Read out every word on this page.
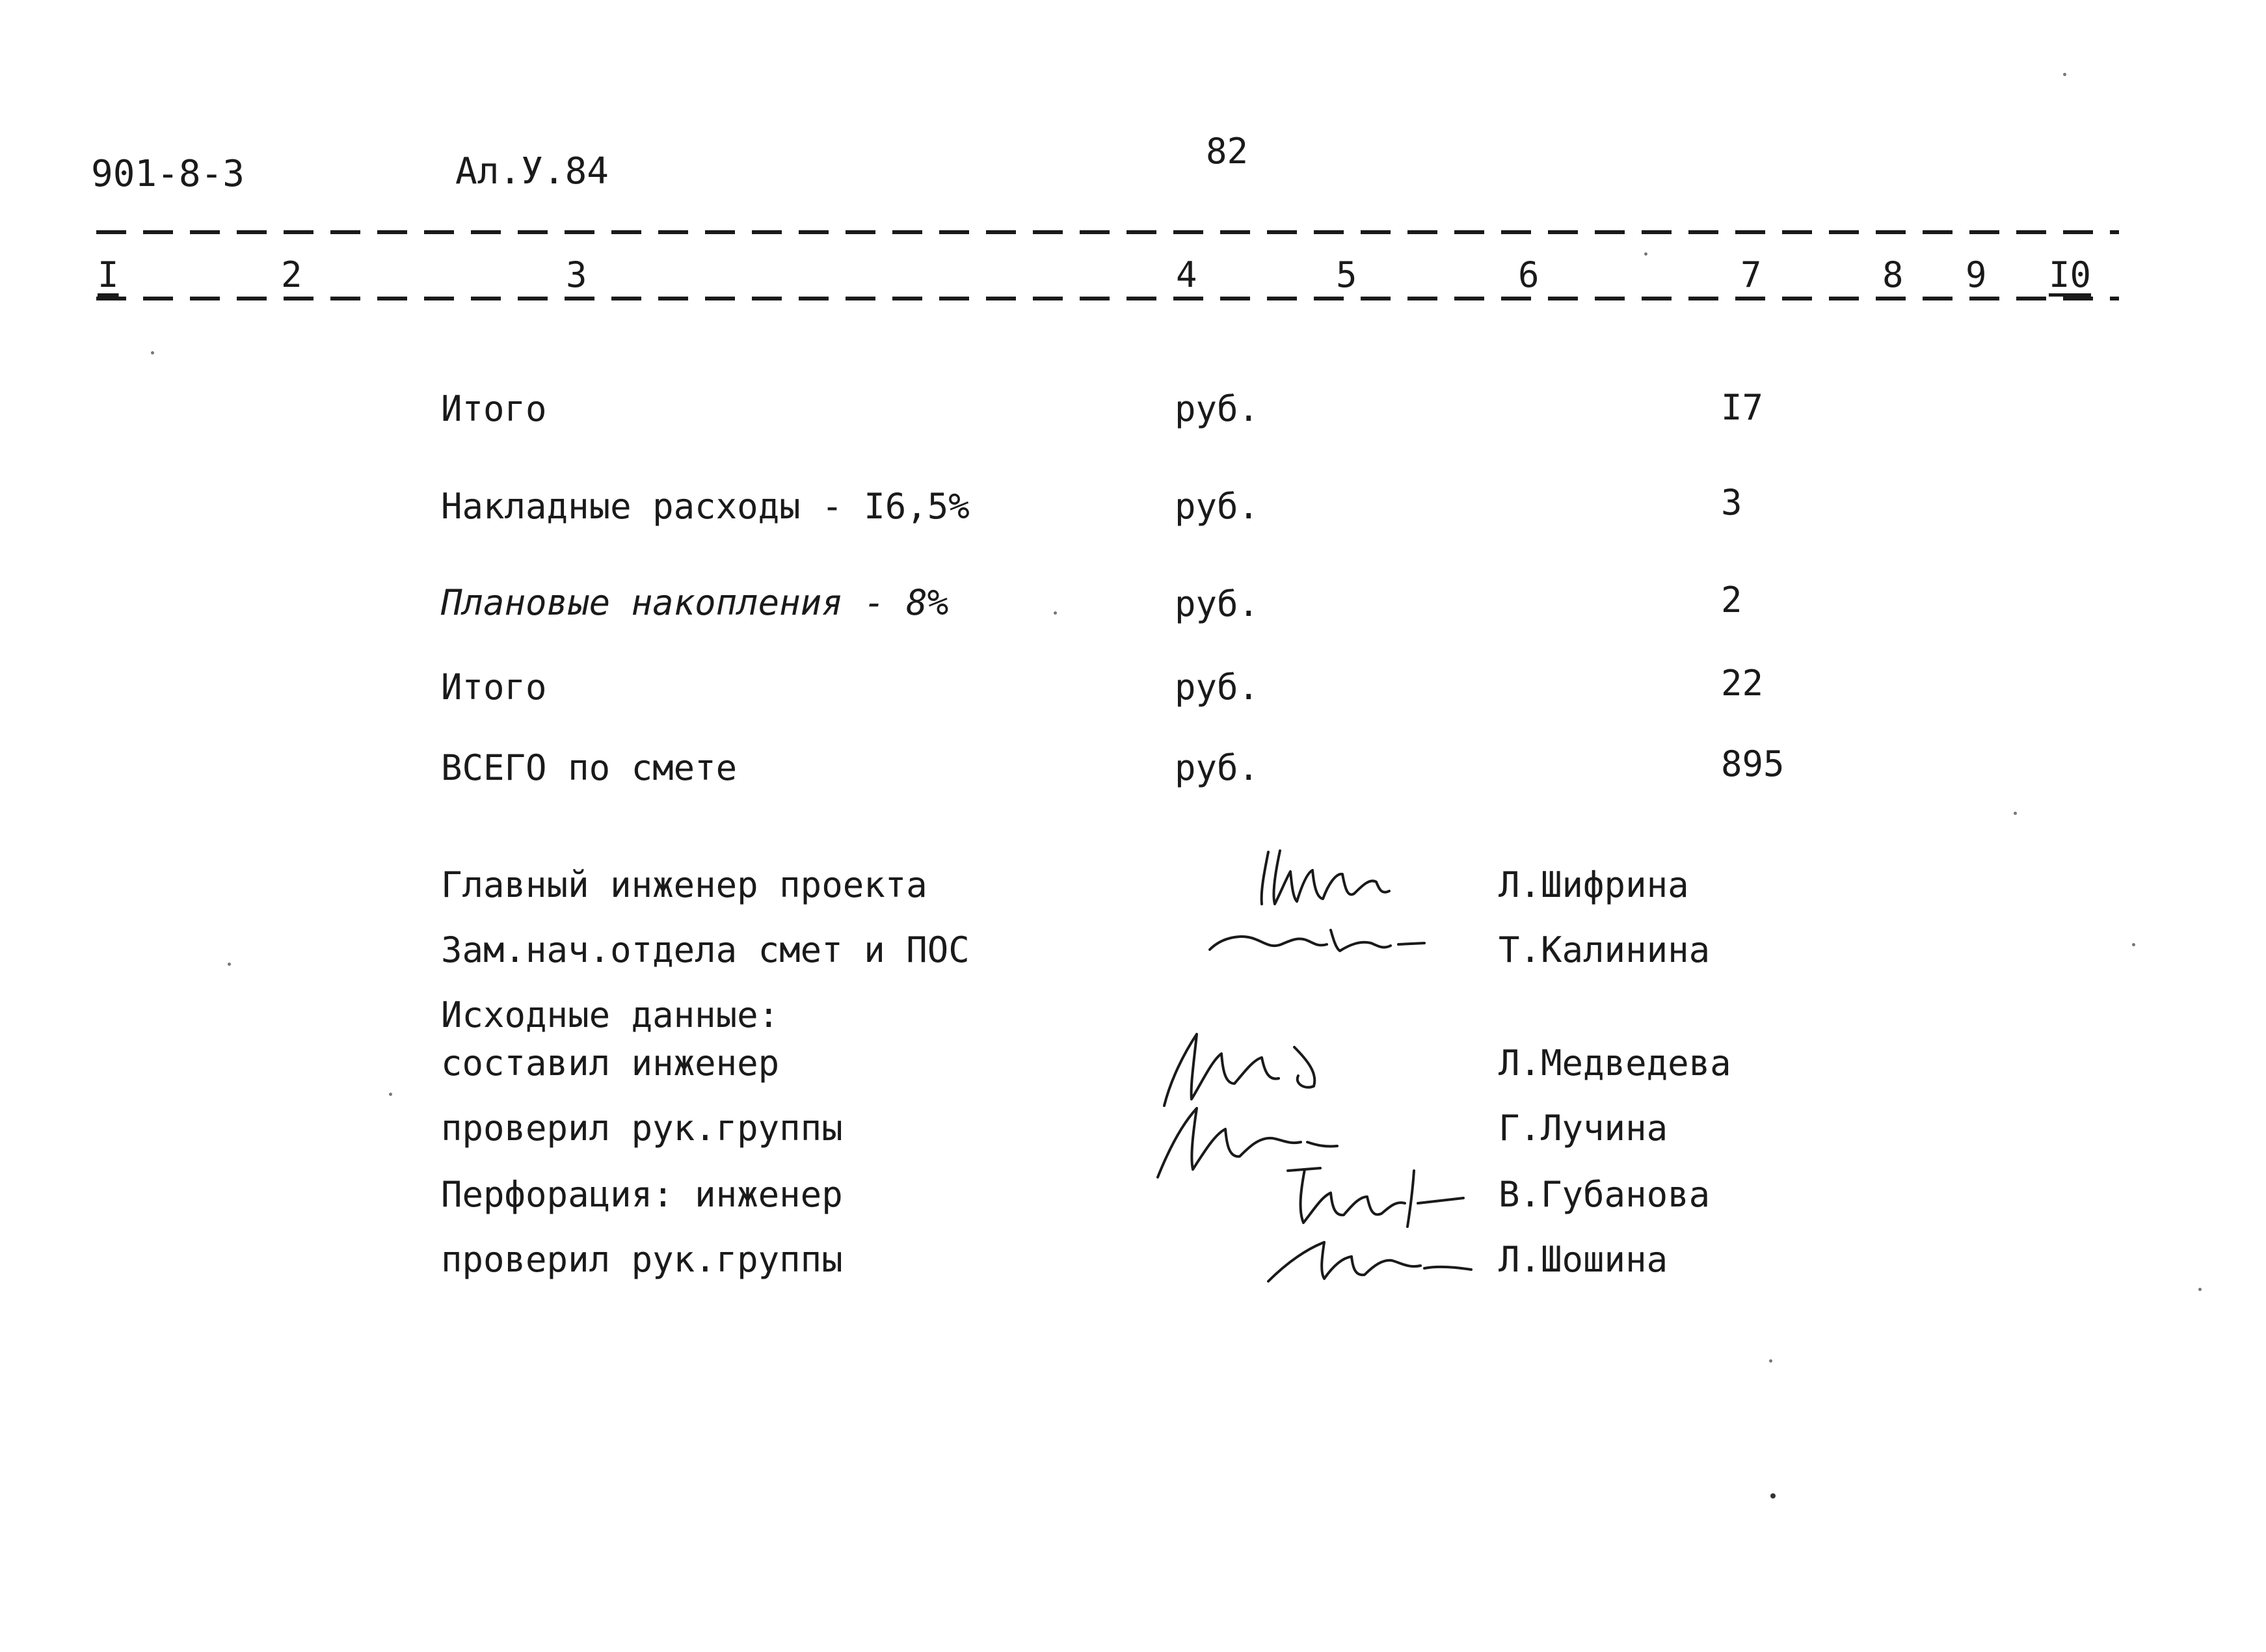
901-8-3	Ал.У.84	82
I	2	3	4	5	6	7	8 9 I0
Итого	руб.	I7
Накладные расходы - I6,5%	руб.	3
Плановые накопления - 8%	руб.	2
Итого	руб.	22
ВСЕГО по смете	руб.	895
Главный инженер проекта	Л.Шифрина
Зам.нач.отдела смет и ПОС	Т.Калинина
Исходные данные:
составил инженер	Л.Медведева
проверил рук.группы	Г.Лучина
Перфорация: инженер	В.Губанова
проверил рук.группы	Л.Шошина
